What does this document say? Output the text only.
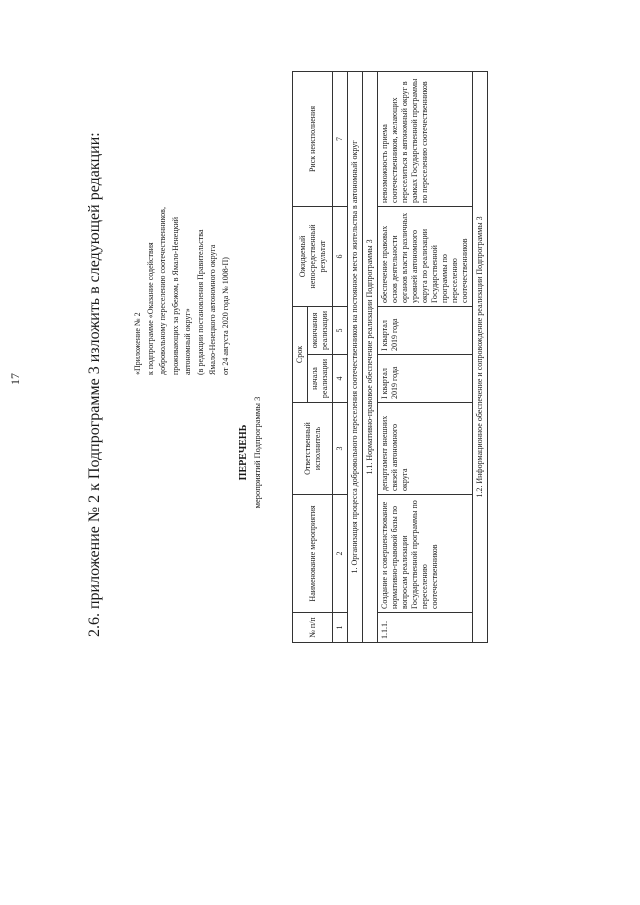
17	2.6. приложение № 2 к Подпрограмме 3 изложить в следующей редакции:	«Приложение № 2 к подпрограмме «Оказание содействия добровольному переселению соотечественников, проживающих за рубежом, в Ямало-Ненецкий автономный округ» (в редакции постановления Правительства Ямало-Ненецкого автономного округа от 24 августа 2020 года № 1008-П)
ПЕРЕЧЕНЬ мероприятий Подпрограммы 3
№ п/п	Наименование мероприятия	Ответственный исполнитель	Срок		Ожидаемый непосредственный результат	Риск неисполнения
			начала реализации	окончания реализации		
1	2	3	4	5	6	7
1. Организация процесса добровольного переселения соотечественников на постоянное место жительства в автономный округ						
1.1. Нормативно-правовое обеспечение реализации Подпрограммы 3						
1.1.1.	Создание и совершенствование нормативно-правовой базы по вопросам реализации Государственной программы по переселению соотечественников	департамент внешних связей автономного округа	I квартал 2019 года	I квартал 2019 года	обеспечение правовых основ деятельности органов власти различных уровней автономного округа по реализации Государственной программы по переселению соотечественников	невозможность приема соотечественников, желающих переселиться в автономный округ в рамках Государственной программы по переселению соотечественников
1.2. Информационное обеспечение и сопровождение реализации Подпрограммы 3						
